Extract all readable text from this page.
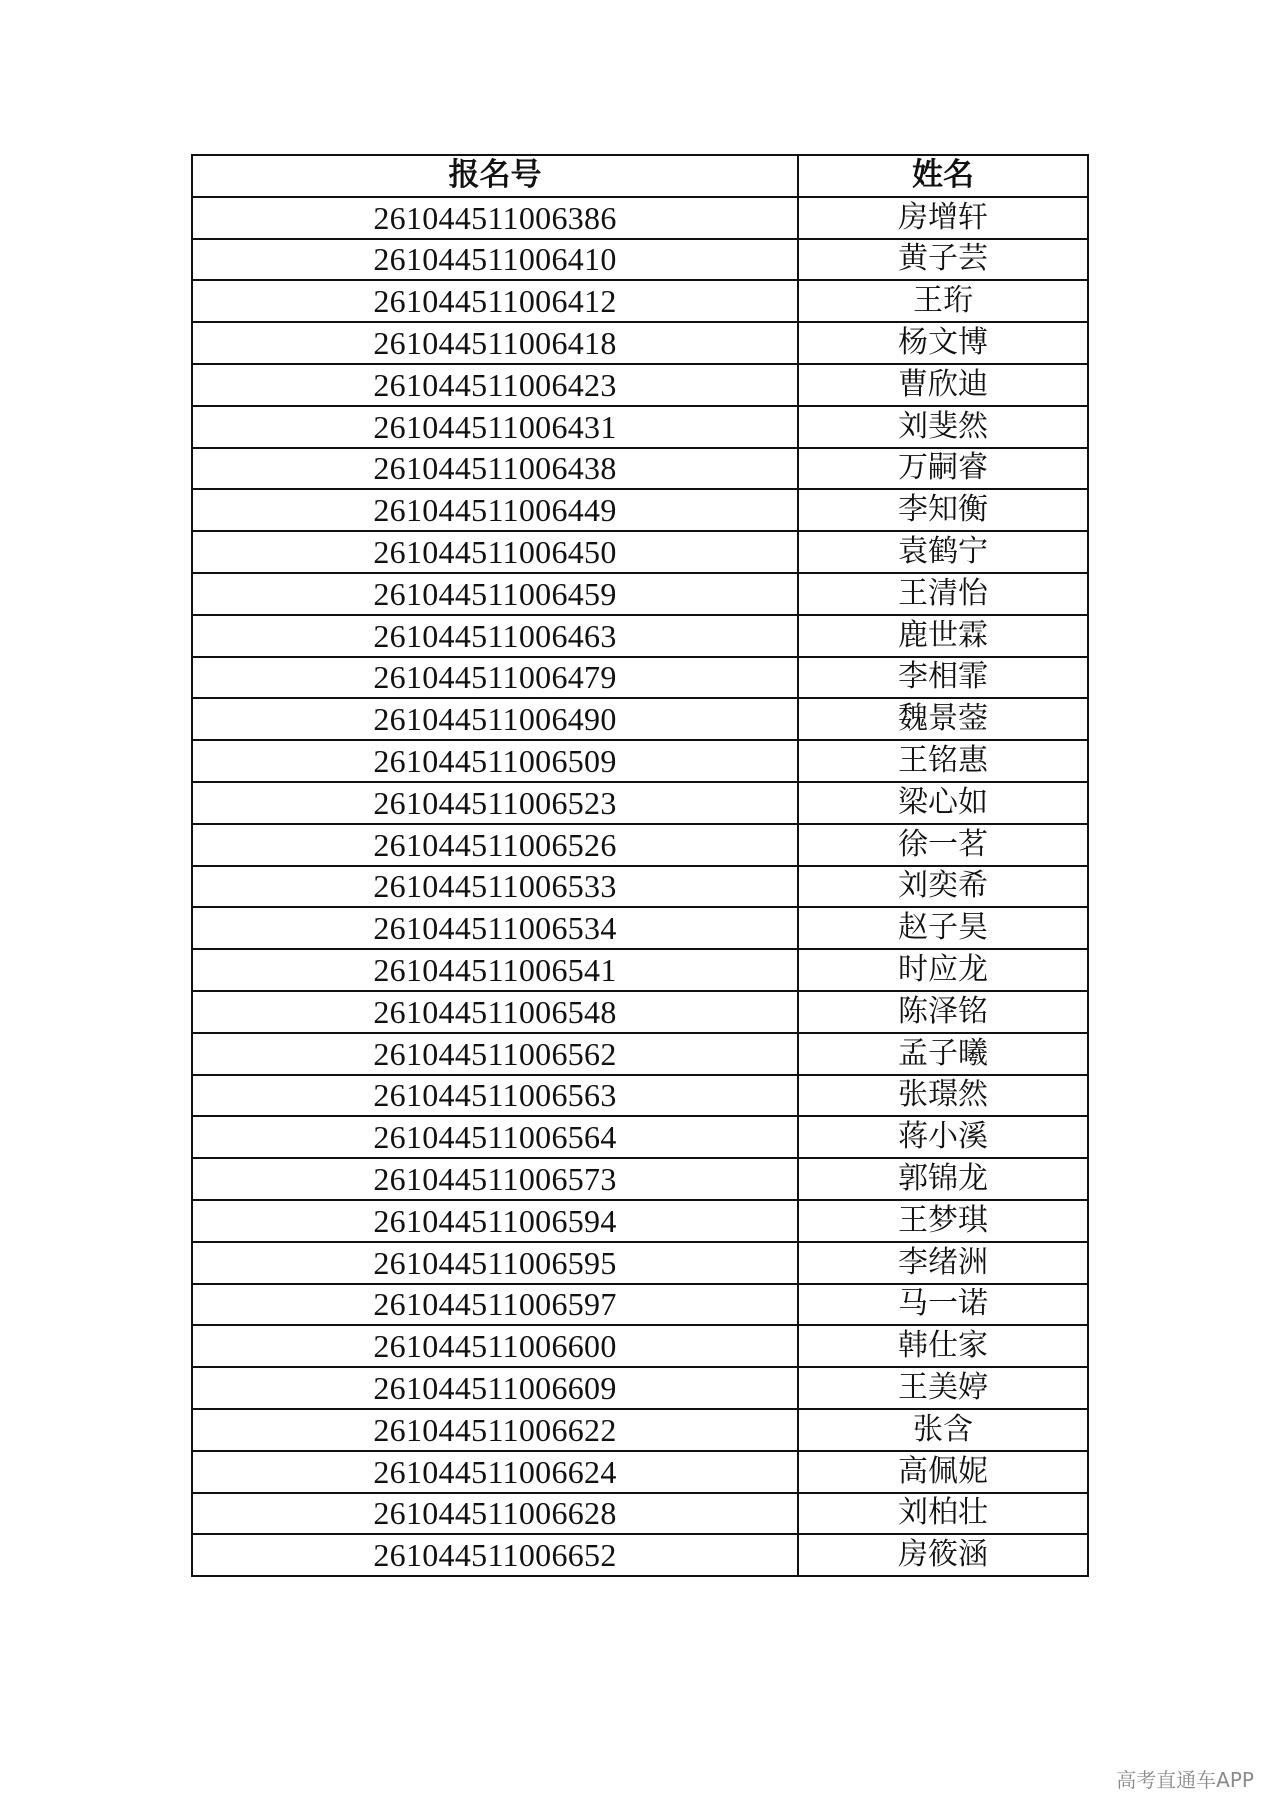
报名号	姓名
261044511006386	房增轩
261044511006410	黄子芸
261044511006412	王珩
261044511006418	杨文博
261044511006423	曹欣迪
261044511006431	刘斐然
261044511006438	万嗣睿
261044511006449	李知衡
261044511006450	袁鹤宁
261044511006459	王清怡
261044511006463	鹿世霖
261044511006479	李相霏
261044511006490	魏景蓥
261044511006509	王铭惠
261044511006523	梁心如
261044511006526	徐一茗
261044511006533	刘奕希
261044511006534	赵子昊
261044511006541	时应龙
261044511006548	陈泽铭
261044511006562	孟子曦
261044511006563	张璟然
261044511006564	蒋小溪
261044511006573	郭锦龙
261044511006594	王梦琪
261044511006595	李绪洲
261044511006597	马一诺
261044511006600	韩仕家
261044511006609	王美婷
261044511006622	张含
261044511006624	高佩妮
261044511006628	刘柏壮
261044511006652	房筱涵
高考直通车APP
